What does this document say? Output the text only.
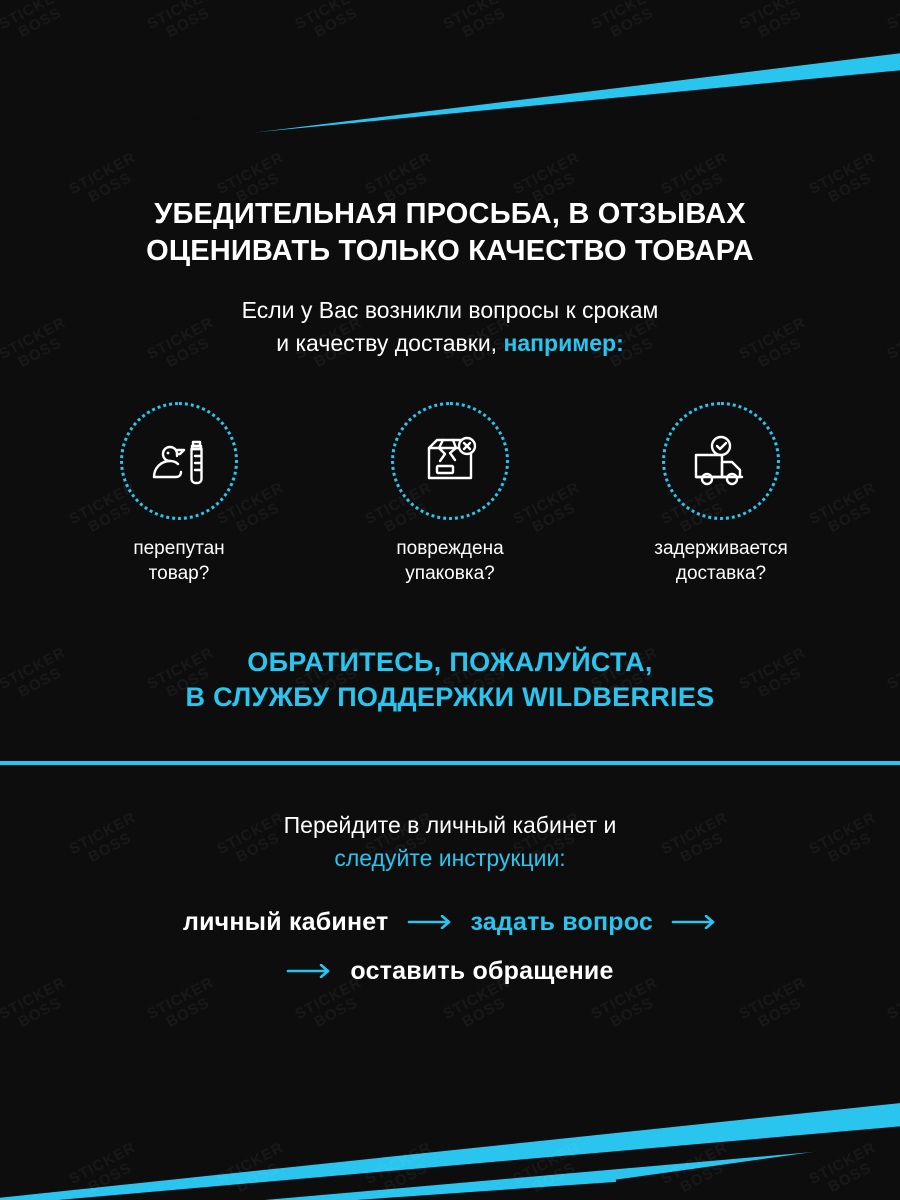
УБЕДИТЕЛЬНАЯ ПРОСЬБА, В ОТЗЫВАХ ОЦЕНИВАТЬ ТОЛЬКО КАЧЕСТВО ТОВАРА

Если у Вас возникли вопросы к срокам
и качеству доставки, например:

перепутан
товар?
повреждена
упаковка?
задерживается
доставка?

ОБРАТИТЕСЬ, ПОЖАЛУЙСТА,
В СЛУЖБУ ПОДДЕРЖКИ WILDBERRIES

Перейдите в личный кабинет и
следуйте инструкции:

личный кабинет	задать вопрос
оставить обращение
